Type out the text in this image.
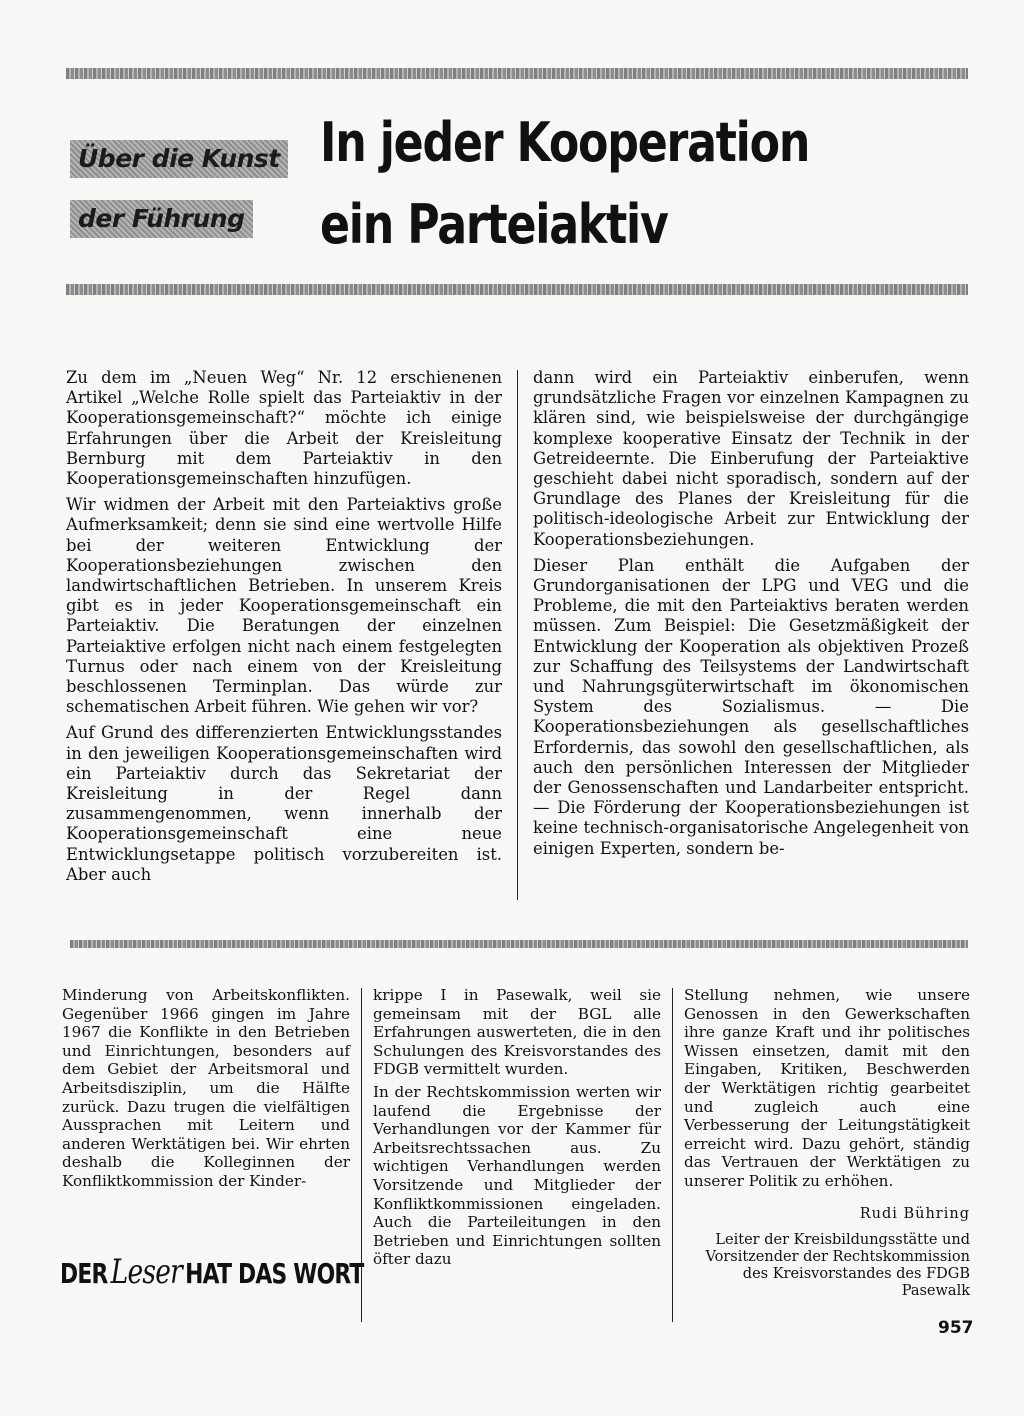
Über die Kunst
der Führung
In jeder Kooperation
ein Parteiaktiv

Zu dem im „Neuen Weg“ Nr. 12 erschienenen Artikel „Welche Rolle spielt das Parteiaktiv in der Kooperationsgemeinschaft?“ möchte ich einige Erfahrungen über die Arbeit der Kreisleitung Bernburg mit dem Parteiaktiv in den Kooperationsgemeinschaften hinzufügen.

Wir widmen der Arbeit mit den Parteiaktivs große Aufmerksamkeit; denn sie sind eine wertvolle Hilfe bei der weiteren Entwicklung der Kooperationsbeziehungen zwischen den landwirtschaftlichen Betrieben. In unserem Kreis gibt es in jeder Kooperationsgemeinschaft ein Parteiaktiv. Die Beratungen der einzelnen Parteiaktive erfolgen nicht nach einem festgelegten Turnus oder nach einem von der Kreisleitung beschlossenen Terminplan. Das würde zur schematischen Arbeit führen. Wie gehen wir vor?

Auf Grund des differenzierten Entwicklungsstandes in den jeweiligen Kooperationsgemeinschaften wird ein Parteiaktiv durch das Sekretariat der Kreisleitung in der Regel dann zusammengenommen, wenn innerhalb der Kooperationsgemeinschaft eine neue Entwicklungsetappe politisch vorzubereiten ist. Aber auch

dann wird ein Parteiaktiv einberufen, wenn grundsätzliche Fragen vor einzelnen Kampagnen zu klären sind, wie beispielsweise der durchgängige komplexe kooperative Einsatz der Technik in der Getreideernte. Die Einberufung der Parteiaktive geschieht dabei nicht sporadisch, sondern auf der Grundlage des Planes der Kreisleitung für die politisch-ideologische Arbeit zur Entwicklung der Kooperationsbeziehungen.

Dieser Plan enthält die Aufgaben der Grundorganisationen der LPG und VEG und die Probleme, die mit den Parteiaktivs beraten werden müssen. Zum Beispiel: Die Gesetzmäßigkeit der Entwicklung der Kooperation als objektiven Prozeß zur Schaffung des Teilsystems der Landwirtschaft und Nahrungsgüterwirtschaft im ökonomischen System des Sozialismus. — Die Kooperationsbeziehungen als gesellschaftliches Erfordernis, das sowohl den gesellschaftlichen, als auch den persönlichen Interessen der Mitglieder der Genossenschaften und Landarbeiter entspricht. — Die Förderung der Kooperationsbeziehungen ist keine technisch-organisatorische Angelegenheit von einigen Experten, sondern be-

Minderung von Arbeitskonflikten. Gegenüber 1966 gingen im Jahre 1967 die Konflikte in den Betrieben und Einrichtungen, besonders auf dem Gebiet der Arbeitsmoral und Arbeitsdisziplin, um die Hälfte zurück. Dazu trugen die vielfältigen Aussprachen mit Leitern und anderen Werktätigen bei. Wir ehrten deshalb die Kolleginnen der Konfliktkommission der Kinder-

krippe I in Pasewalk, weil sie gemeinsam mit der BGL alle Erfahrungen auswerteten, die in den Schulungen des Kreisvorstandes des FDGB vermittelt wurden.

In der Rechtskommission werten wir laufend die Ergebnisse der Verhandlungen vor der Kammer für Arbeitsrechtssachen aus. Zu wichtigen Verhandlungen werden Vorsitzende und Mitglieder der Konfliktkommissionen eingeladen. Auch die Parteileitungen in den Betrieben und Einrichtungen sollten öfter dazu

Stellung nehmen, wie unsere Genossen in den Gewerkschaften ihre ganze Kraft und ihr politisches Wissen einsetzen, damit mit den Eingaben, Kritiken, Beschwerden der Werktätigen richtig gearbeitet und zugleich auch eine Verbesserung der Leitungstätigkeit erreicht wird. Dazu gehört, ständig das Vertrauen der Werktätigen zu unserer Politik zu erhöhen.

Rudi Bühring
Leiter der Kreisbildungsstätte und Vorsitzender der Rechtskommission des Kreisvorstandes des FDGB Pasewalk
DERLeser HAT DAS WORT
957
